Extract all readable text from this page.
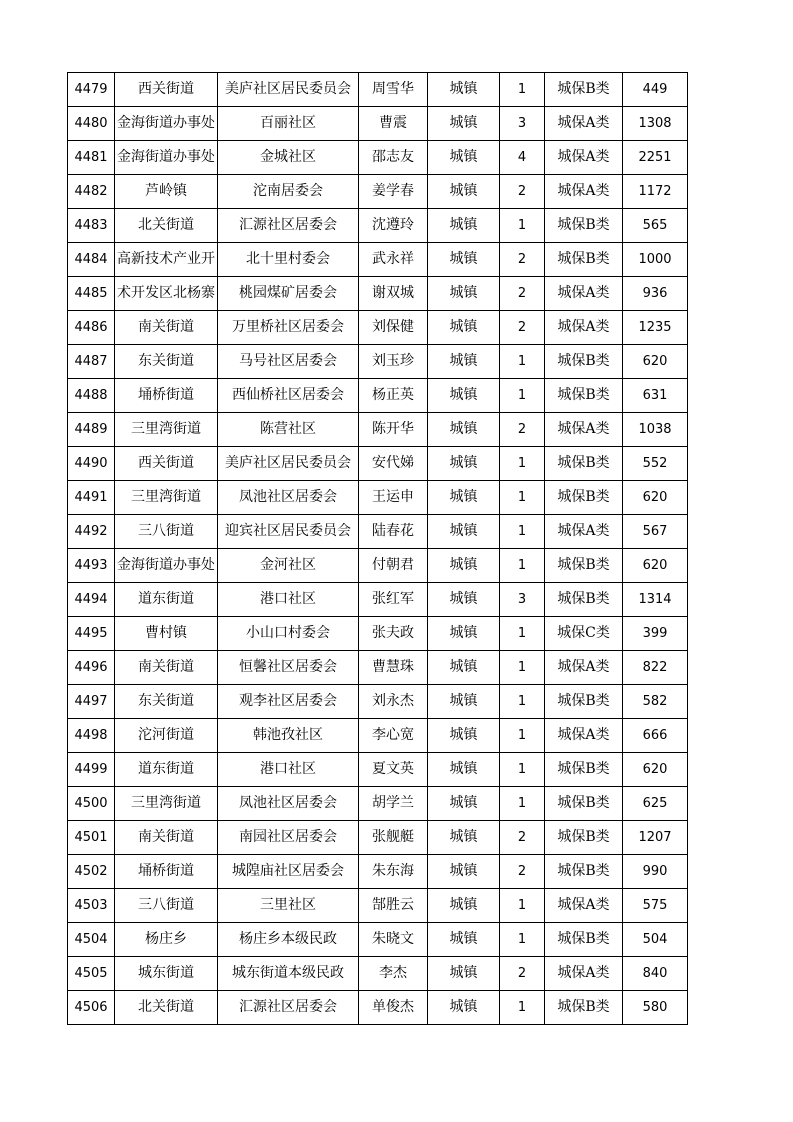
4479	西关街道	美庐社区居民委员会	周雪华	城镇	1	城保B类	449
4480	金海街道办事处	百丽社区	曹震	城镇	3	城保A类	1308
4481	金海街道办事处	金城社区	邵志友	城镇	4	城保A类	2251
4482	芦岭镇	沱南居委会	姜学春	城镇	2	城保A类	1172
4483	北关街道	汇源社区居委会	沈遵玲	城镇	1	城保B类	565
4484	高新技术产业开	北十里村委会	武永祥	城镇	2	城保B类	1000
4485	术开发区北杨寨	桃园煤矿居委会	谢双城	城镇	2	城保A类	936
4486	南关街道	万里桥社区居委会	刘保健	城镇	2	城保A类	1235
4487	东关街道	马号社区居委会	刘玉珍	城镇	1	城保B类	620
4488	埇桥街道	西仙桥社区居委会	杨正英	城镇	1	城保B类	631
4489	三里湾街道	陈营社区	陈开华	城镇	2	城保A类	1038
4490	西关街道	美庐社区居民委员会	安代娣	城镇	1	城保B类	552
4491	三里湾街道	凤池社区居委会	王运申	城镇	1	城保B类	620
4492	三八街道	迎宾社区居民委员会	陆春花	城镇	1	城保A类	567
4493	金海街道办事处	金河社区	付朝君	城镇	1	城保B类	620
4494	道东街道	港口社区	张红军	城镇	3	城保B类	1314
4495	曹村镇	小山口村委会	张夫政	城镇	1	城保C类	399
4496	南关街道	恒馨社区居委会	曹慧珠	城镇	1	城保A类	822
4497	东关街道	观李社区居委会	刘永杰	城镇	1	城保B类	582
4498	沱河街道	韩池孜社区	李心宽	城镇	1	城保A类	666
4499	道东街道	港口社区	夏文英	城镇	1	城保B类	620
4500	三里湾街道	凤池社区居委会	胡学兰	城镇	1	城保B类	625
4501	南关街道	南园社区居委会	张舰艇	城镇	2	城保B类	1207
4502	埇桥街道	城隍庙社区居委会	朱东海	城镇	2	城保B类	990
4503	三八街道	三里社区	郜胜云	城镇	1	城保A类	575
4504	杨庄乡	杨庄乡本级民政	朱晓文	城镇	1	城保B类	504
4505	城东街道	城东街道本级民政	李杰	城镇	2	城保A类	840
4506	北关街道	汇源社区居委会	单俊杰	城镇	1	城保B类	580
